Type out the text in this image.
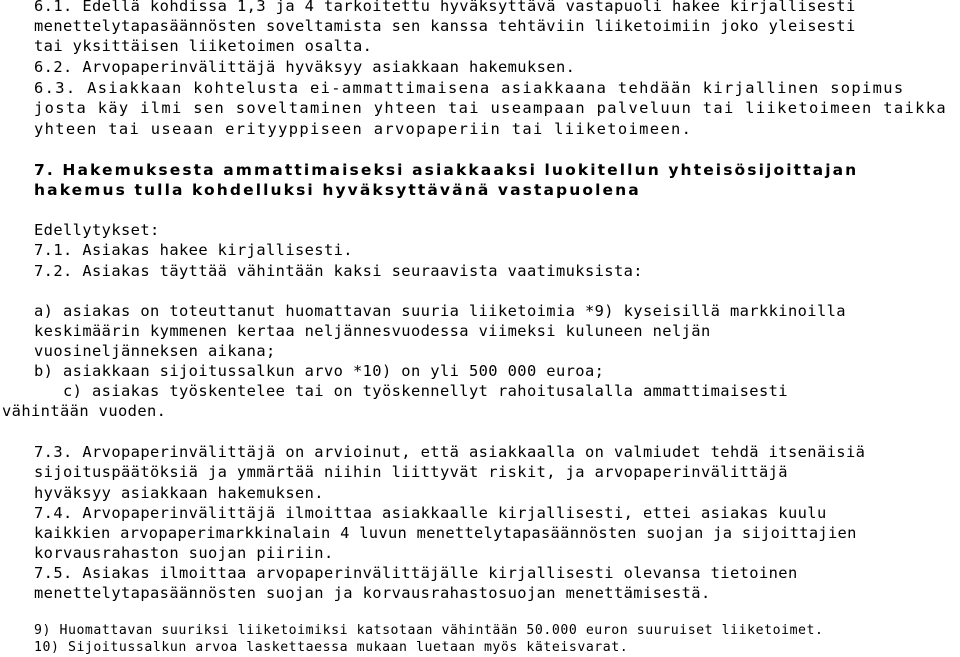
6.1. Edellä kohdissa 1,3 ja 4 tarkoitettu hyväksyttävä vastapuoli hakee kirjallisesti
menettelytapasäännösten soveltamista sen kanssa tehtäviin liiketoimiin joko yleisesti
tai yksittäisen liiketoimen osalta.
6.2. Arvopaperinvälittäjä hyväksyy asiakkaan hakemuksen.
6.3. Asiakkaan kohtelusta ei-ammattimaisena asiakkaana tehdään kirjallinen sopimus
josta käy ilmi sen soveltaminen yhteen tai useampaan palveluun tai liiketoimeen taikka
yhteen tai useaan erityyppiseen arvopaperiin tai liiketoimeen.
7. Hakemuksesta ammattimaiseksi asiakkaaksi luokitellun yhteisösijoittajan
hakemus tulla kohdelluksi hyväksyttävänä vastapuolena
Edellytykset:
7.1. Asiakas hakee kirjallisesti.
7.2. Asiakas täyttää vähintään kaksi seuraavista vaatimuksista:
a) asiakas on toteuttanut huomattavan suuria liiketoimia *9) kyseisillä markkinoilla
keskimäärin kymmenen kertaa neljännesvuodessa viimeksi kuluneen neljän
vuosineljänneksen aikana;
b) asiakkaan sijoitussalkun arvo *10) on yli 500 000 euroa;
c) asiakas työskentelee tai on työskennellyt rahoitusalalla ammattimaisesti
vähintään vuoden.
7.3. Arvopaperinvälittäjä on arvioinut, että asiakkaalla on valmiudet tehdä itsenäisiä
sijoituspäätöksiä ja ymmärtää niihin liittyvät riskit, ja arvopaperinvälittäjä
hyväksyy asiakkaan hakemuksen.
7.4. Arvopaperinvälittäjä ilmoittaa asiakkaalle kirjallisesti, ettei asiakas kuulu
kaikkien arvopaperimarkkinalain 4 luvun menettelytapasäännösten suojan ja sijoittajien
korvausrahaston suojan piiriin.
7.5. Asiakas ilmoittaa arvopaperinvälittäjälle kirjallisesti olevansa tietoinen
menettelytapasäännösten suojan ja korvausrahastosuojan menettämisestä.
9) Huomattavan suuriksi liiketoimiksi katsotaan vähintään 50.000 euron suuruiset liiketoimet.
10) Sijoitussalkun arvoa laskettaessa mukaan luetaan myös käteisvarat.
